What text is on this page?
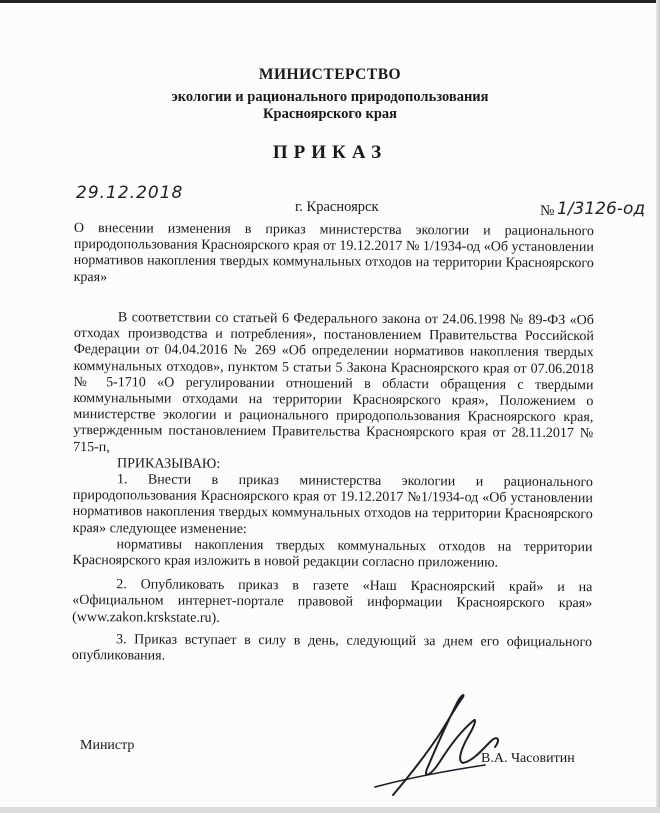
МИНИСТЕРСТВО
экологии и рационального природопользования
Красноярского края
ПРИКАЗ
29.12.2018
г. Красноярск	№ 1/3126-од

О внесении изменения в приказ министерства экологии и рационального природопользования Красноярского края от 19.12.2017 № 1/1934-од «Об установлении нормативов накопления твердых коммунальных отходов на территории Красноярского края»

В соответствии со статьей 6 Федерального закона от 24.06.1998 № 89-ФЗ «Об отходах производства и потребления», постановлением Правительства Российской Федерации от 04.04.2016 № 269 «Об определении нормативов накопления твердых коммунальных отходов», пунктом 5 статьи 5 Закона Красноярского края от 07.06.2018 № 5-1710 «О регулировании отношений в области обращения с твердыми коммунальными отходами на территории Красноярского края», Положением о министерстве экологии и рационального природопользования Красноярского края, утвержденным постановлением Правительства Красноярского края от 28.11.2017 № 715-п,

ПРИКАЗЫВАЮ:

1. Внести в приказ министерства экологии и рационального природопользования Красноярского края от 19.12.2017 №1/1934-од «Об установлении нормативов накопления твердых коммунальных отходов на территории Красноярского края» следующее изменение:

нормативы накопления твердых коммунальных отходов на территории Красноярского края изложить в новой редакции согласно приложению.

2. Опубликовать приказ в газете «Наш Красноярский край» и на «Официальном интернет-портале правовой информации Красноярского края» (www.zakon.krskstate.ru).

3. Приказ вступает в силу в день, следующий за днем его официального опубликования.

Министр
В.А. Часовитин
